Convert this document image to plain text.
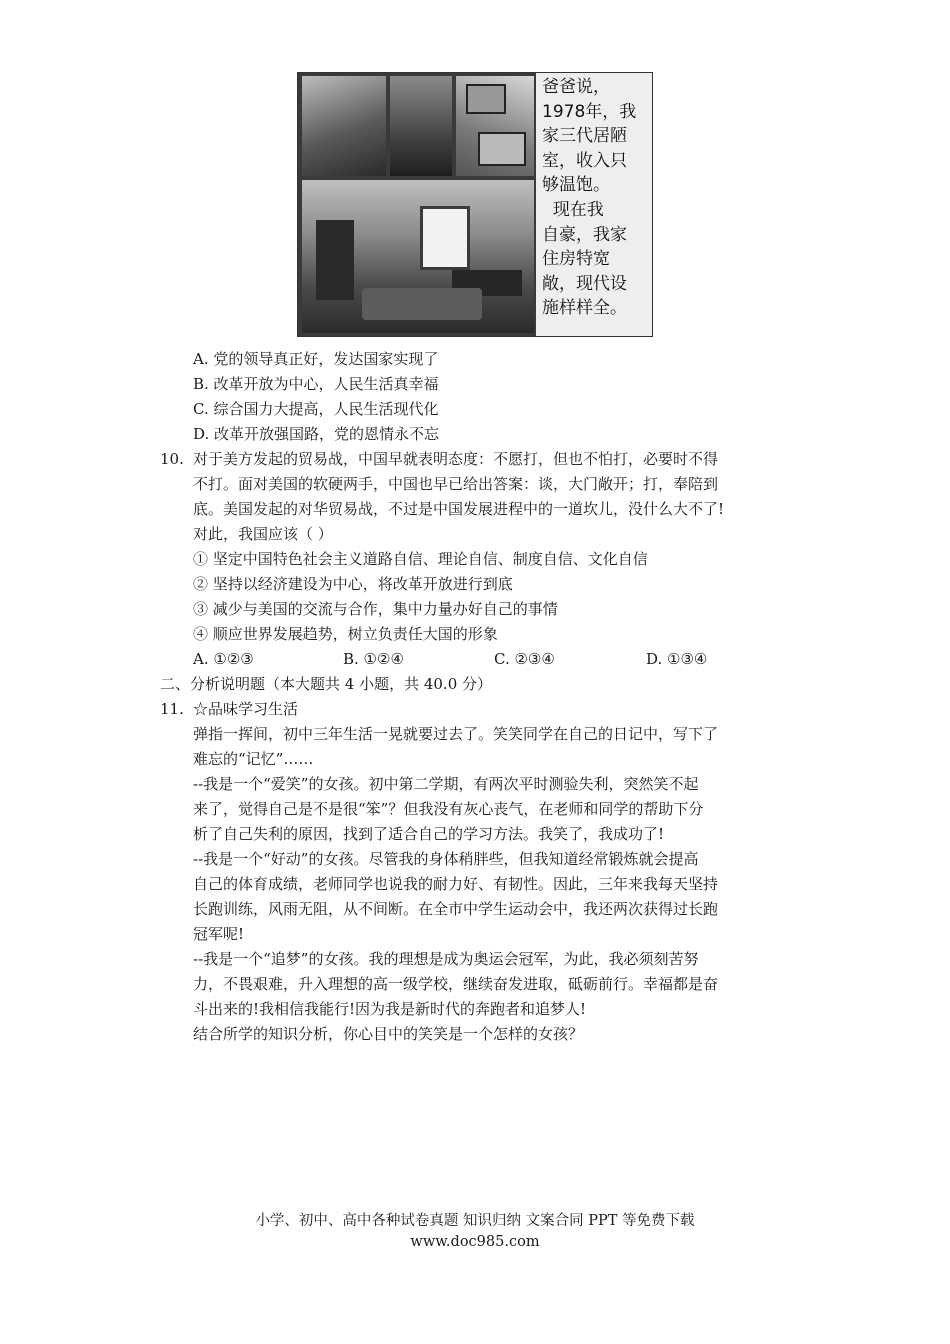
爸爸说，
1978年，我
家三代居陋
室，收入只
够温饱。
现在我
自豪，我家
住房特宽
敞，现代设
施样样全。

A. 党的领导真正好，发达国家实现了
B. 改革开放为中心，人民生活真幸福
C. 综合国力大提高，人民生活现代化
D. 改革开放强国路，党的恩情永不忘
10. 对于美方发起的贸易战，中国早就表明态度：不愿打，但也不怕打，必要时不得
不打。面对美国的软硬两手，中国也早已给出答案：谈，大门敞开；打，奉陪到
底。美国发起的对华贸易战，不过是中国发展进程中的一道坎儿，没什么大不了!
对此，我国应该（ ）
① 坚定中国特色社会主义道路自信、理论自信、制度自信、文化自信
② 坚持以经济建设为中心，将改革开放进行到底
③ 减少与美国的交流与合作，集中力量办好自己的事情
④ 顺应世界发展趋势，树立负责任大国的形象
A. ①②③	B. ①②④	C. ②③④	D. ①③④
二、分析说明题（本大题共 4 小题，共 40.0 分）
11. ☆品味学习生活
弹指一挥间，初中三年生活一晃就要过去了。笑笑同学在自己的日记中，写下了
难忘的“记忆”……
--我是一个“爱笑”的女孩。初中第二学期，有两次平时测验失利，突然笑不起
来了，觉得自己是不是很“笨”？但我没有灰心丧气，在老师和同学的帮助下分
析了自己失利的原因，找到了适合自己的学习方法。我笑了，我成功了!
--我是一个“好动”的女孩。尽管我的身体稍胖些，但我知道经常锻炼就会提高
自己的体育成绩，老师同学也说我的耐力好、有韧性。因此，三年来我每天坚持
长跑训练，风雨无阻，从不间断。在全市中学生运动会中，我还两次获得过长跑
冠军呢!
--我是一个“追梦”的女孩。我的理想是成为奥运会冠军，为此，我必须刻苦努
力，不畏艰难，升入理想的高一级学校，继续奋发进取，砥砺前行。幸福都是奋
斗出来的!我相信我能行!因为我是新时代的奔跑者和追梦人!
结合所学的知识分析，你心目中的笑笑是一个怎样的女孩？
小学、初中、高中各种试卷真题 知识归纳 文案合同 PPT 等免费下载
www.doc985.com
